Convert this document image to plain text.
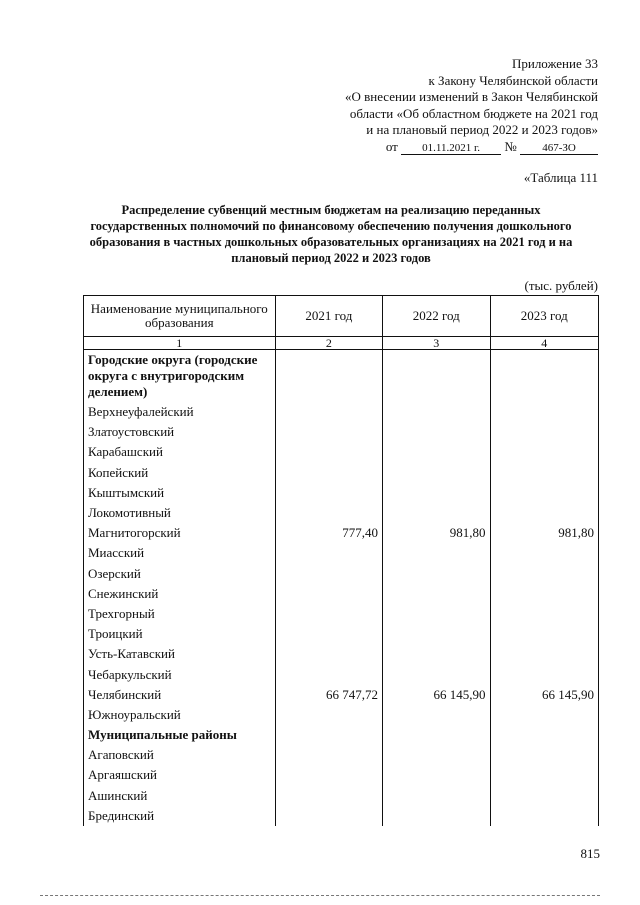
Приложение 33
к Закону Челябинской области
«О внесении изменений в Закон Челябинской
области «Об областном бюджете на 2021 год
и на плановый период 2022 и 2023 годов»
от 01.11.2021 г. № 467-ЗО
«Таблица 111
Распределение субвенций местным бюджетам на реализацию переданных государственных полномочий по финансовому обеспечению получения дошкольного образования в частных дошкольных образовательных организациях на 2021 год и на плановый период 2022 и 2023 годов
(тыс. рублей)
Наименование муниципального образования	2021 год	2022 год	2023 год
1	2	3	4
Городские округа (городские округа с внутригородским делением)			
Верхнеуфалейский			
Златоустовский			
Карабашский			
Копейский			
Кыштымский			
Локомотивный			
Магнитогорский	777,40	981,80	981,80
Миасский			
Озерский			
Снежинский			
Трехгорный			
Троицкий			
Усть-Катавский			
Чебаркульский			
Челябинский	66 747,72	66 145,90	66 145,90
Южноуральский			
Муниципальные районы			
Агаповский			
Аргаяшский			
Ашинский			
Брединский			
815
